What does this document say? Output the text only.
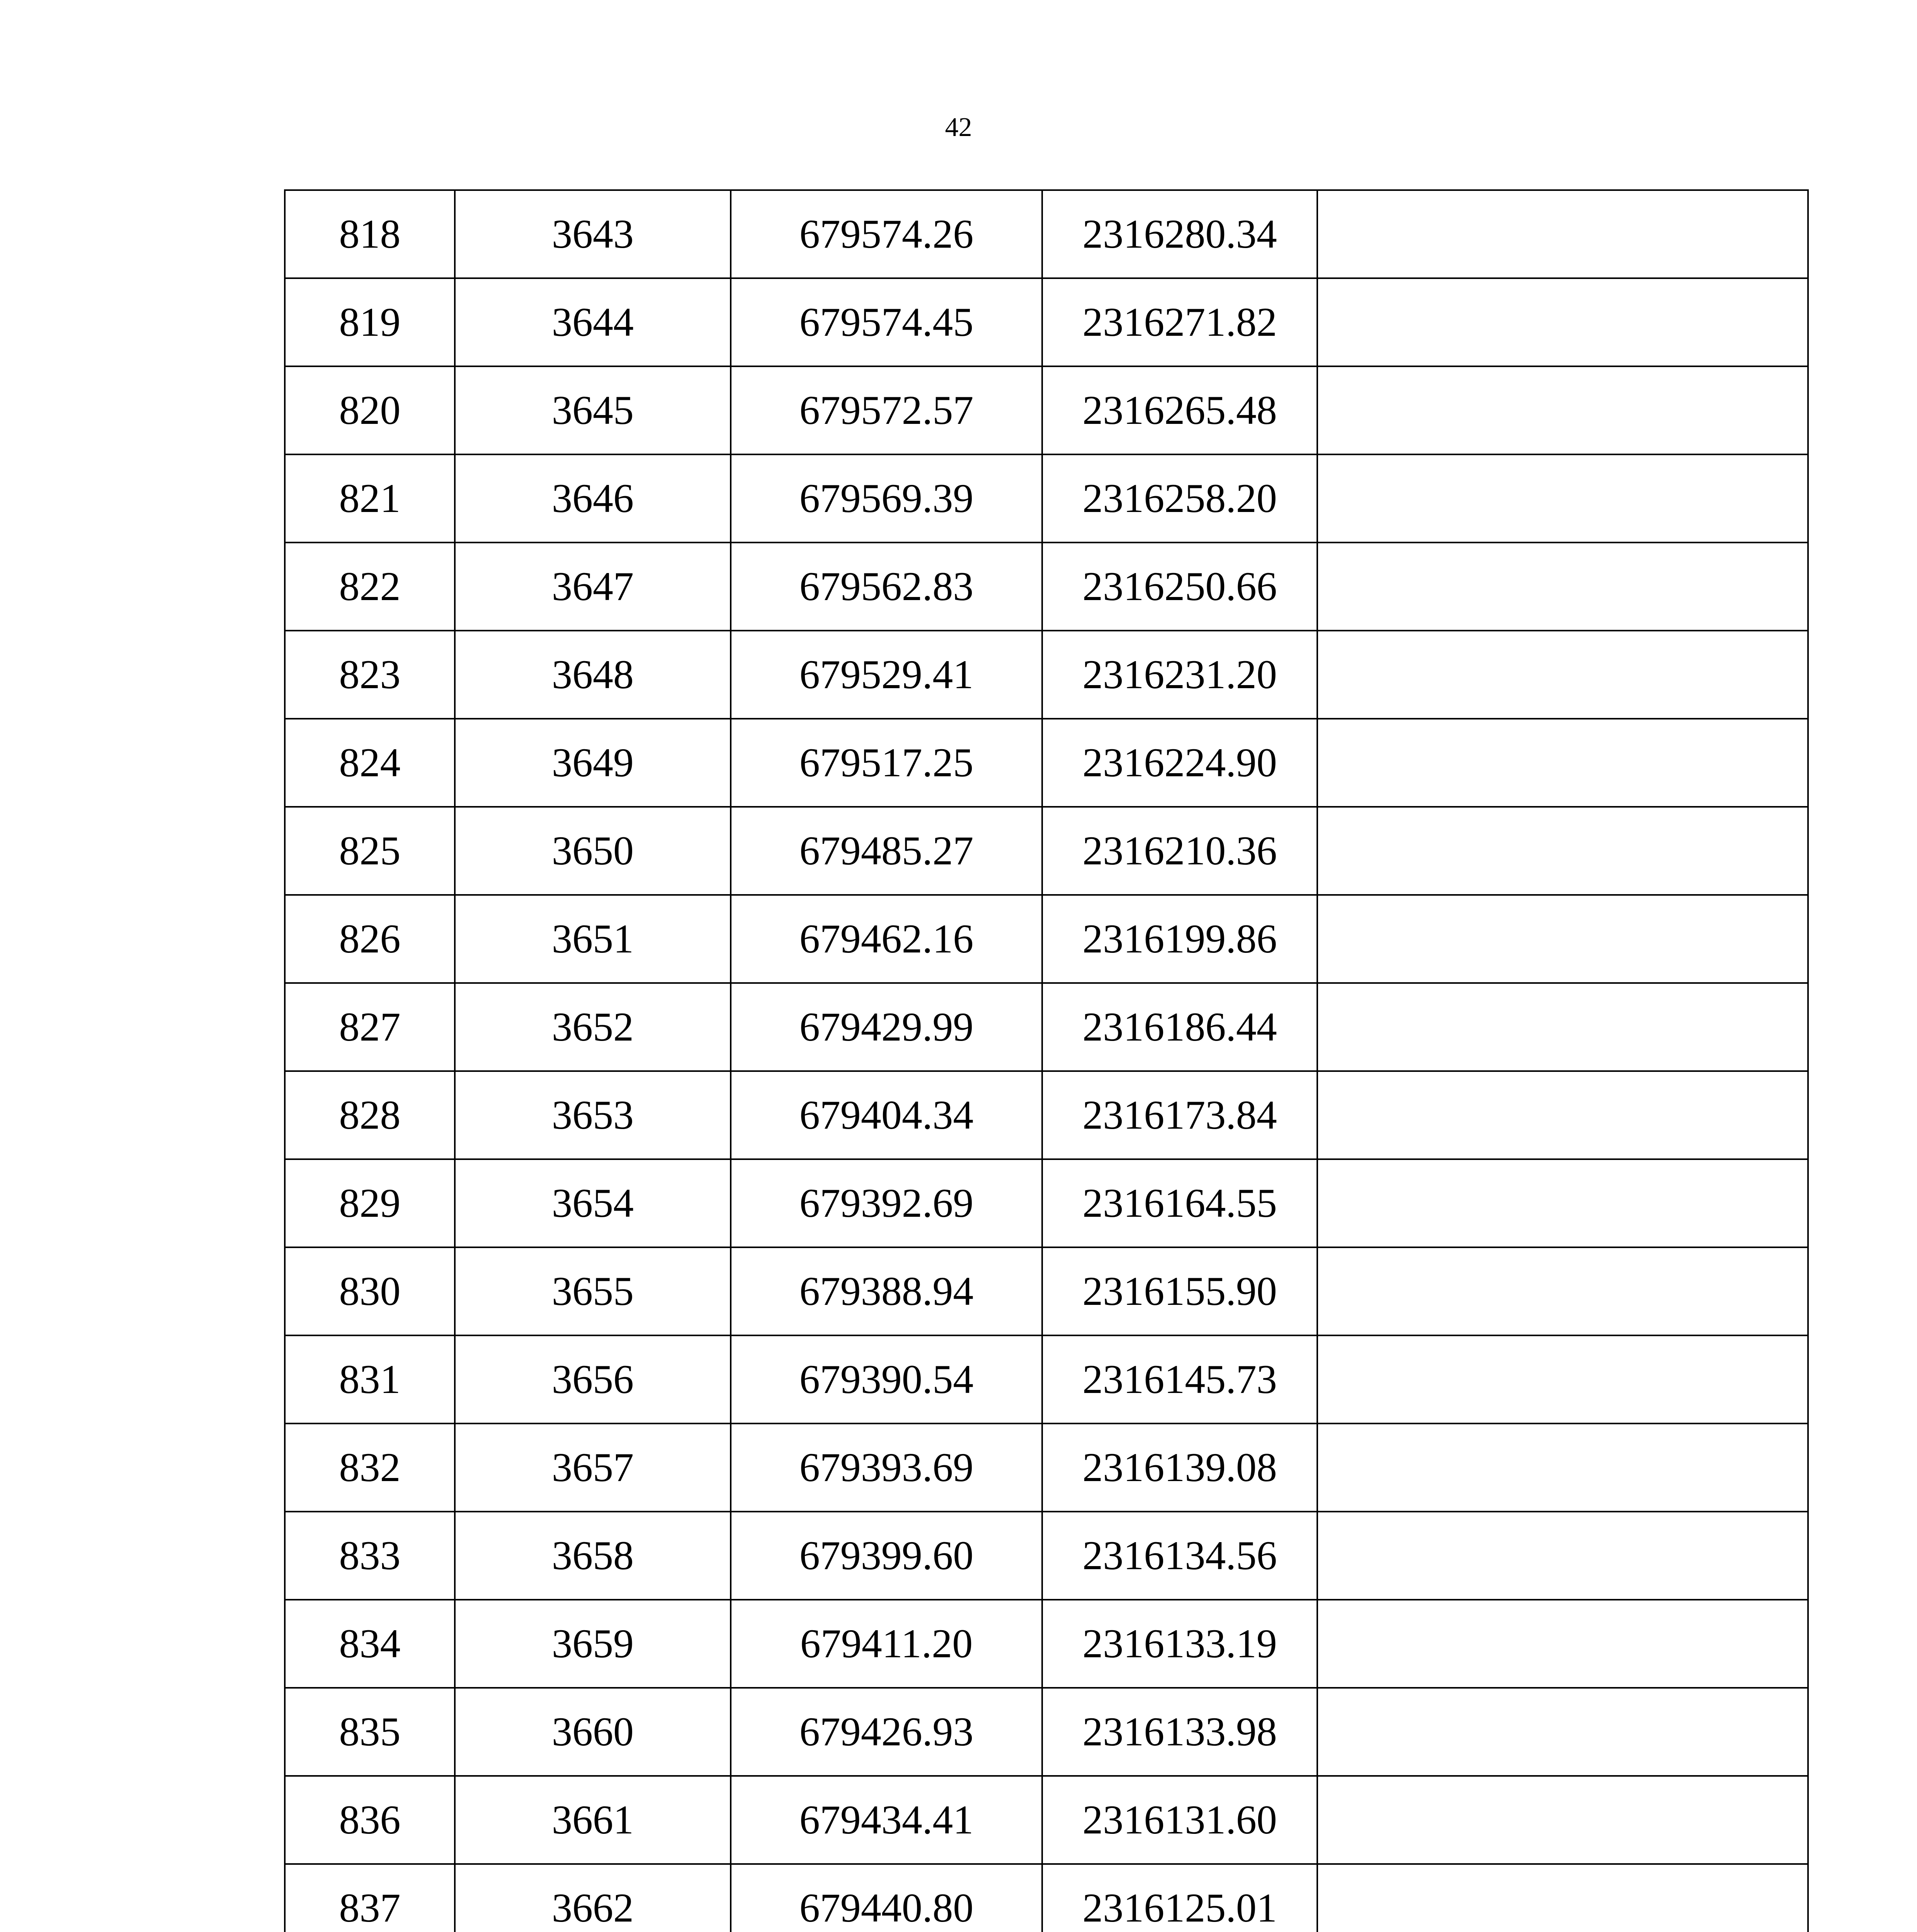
42
818	3643	679574.26	2316280.34	
819	3644	679574.45	2316271.82	
820	3645	679572.57	2316265.48	
821	3646	679569.39	2316258.20	
822	3647	679562.83	2316250.66	
823	3648	679529.41	2316231.20	
824	3649	679517.25	2316224.90	
825	3650	679485.27	2316210.36	
826	3651	679462.16	2316199.86	
827	3652	679429.99	2316186.44	
828	3653	679404.34	2316173.84	
829	3654	679392.69	2316164.55	
830	3655	679388.94	2316155.90	
831	3656	679390.54	2316145.73	
832	3657	679393.69	2316139.08	
833	3658	679399.60	2316134.56	
834	3659	679411.20	2316133.19	
835	3660	679426.93	2316133.98	
836	3661	679434.41	2316131.60	
837	3662	679440.80	2316125.01	
